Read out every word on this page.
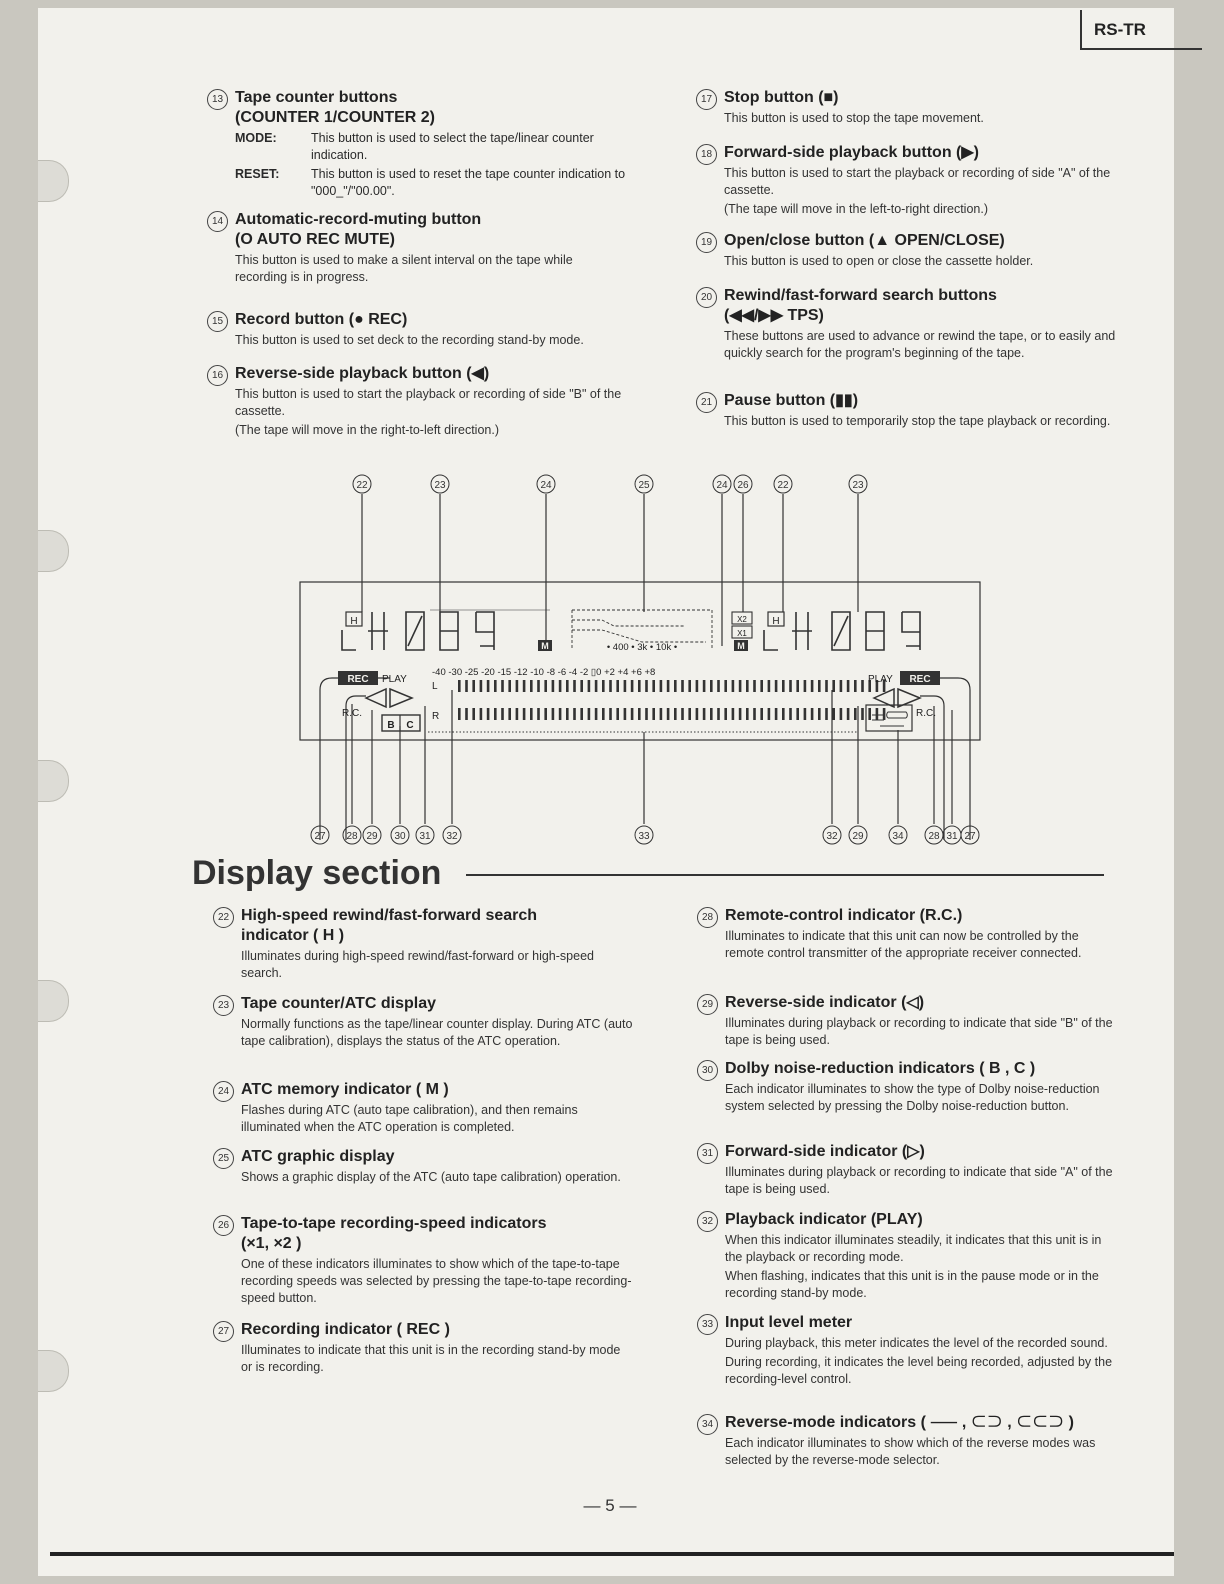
RS-TR
13 Tape counter buttons
(COUNTER 1/COUNTER 2)
MODE:	This button is used to select the tape/linear counter indication.
RESET:	This button is used to reset the tape counter indication to "000_"/"00.00".
14 Automatic-record-muting button
(O AUTO REC MUTE)
This button is used to make a silent interval on the tape while recording is in progress.
15 Record button (● REC)
This button is used to set deck to the recording stand-by mode.
16 Reverse-side playback button (◀)
This button is used to start the playback or recording of side "B" of the cassette.
(The tape will move in the right-to-left direction.)
17 Stop button (■)
This button is used to stop the tape movement.
18 Forward-side playback button (▶)
This button is used to start the playback or recording of side "A" of the cassette.
(The tape will move in the left-to-right direction.)
19 Open/close button (▲ OPEN/CLOSE)
This button is used to open or close the cassette holder.
20 Rewind/fast-forward search buttons
(◀◀/▶▶ TPS)
These buttons are used to advance or rewind the tape, or to easily and quickly search for the program's beginning of the tape.
21 Pause button (▮▮)
This button is used to temporarily stop the tape playback or recording.
22	23	24	25	24 26	22	23
27 28 29 30 31 32	33	32 29	34 28 31 27
REC PLAY	REC
PLAY
R.C.	R.C.
M	M
X2
X1
H	H
B C
• 400 • 3k • 10k •
-40 -30 -25 -20 -15 -12 -10 -8 -6 -4 -2 ▯0 +2 +4 +6 +8
L
R
Display section
22 High-speed rewind/fast-forward search
indicator ( H )
Illuminates during high-speed rewind/fast-forward or high-speed search.
23 Tape counter/ATC display
Normally functions as the tape/linear counter display. During ATC (auto tape calibration), displays the status of the ATC operation.
24 ATC memory indicator ( M )
Flashes during ATC (auto tape calibration), and then remains illuminated when the ATC operation is completed.
25 ATC graphic display
Shows a graphic display of the ATC (auto tape calibration) operation.
26 Tape-to-tape recording-speed indicators
(×1, ×2 )
One of these indicators illuminates to show which of the tape-to-tape recording speeds was selected by pressing the tape-to-tape recording-speed button.
27 Recording indicator ( REC )
Illuminates to indicate that this unit is in the recording stand-by mode or is recording.
28 Remote-control indicator (R.C.)
Illuminates to indicate that this unit can now be controlled by the remote control transmitter of the appropriate receiver connected.
29 Reverse-side indicator (◁)
Illuminates during playback or recording to indicate that side "B" of the tape is being used.
30 Dolby noise-reduction indicators ( B , C )
Each indicator illuminates to show the type of Dolby noise-reduction system selected by pressing the Dolby noise-reduction button.
31 Forward-side indicator (▷)
Illuminates during playback or recording to indicate that side "A" of the tape is being used.
32 Playback indicator (PLAY)
When this indicator illuminates steadily, it indicates that this unit is in the playback or recording mode.
When flashing, indicates that this unit is in the pause mode or in the recording stand-by mode.
33 Input level meter
During playback, this meter indicates the level of the recorded sound.
During recording, it indicates the level being recorded, adjusted by the recording-level control.
34 Reverse-mode indicators ( ⸺ , ⊂⊃ , ⊂⊂⊃ )
Each indicator illuminates to show which of the reverse modes was selected by the reverse-mode selector.
— 5 —
